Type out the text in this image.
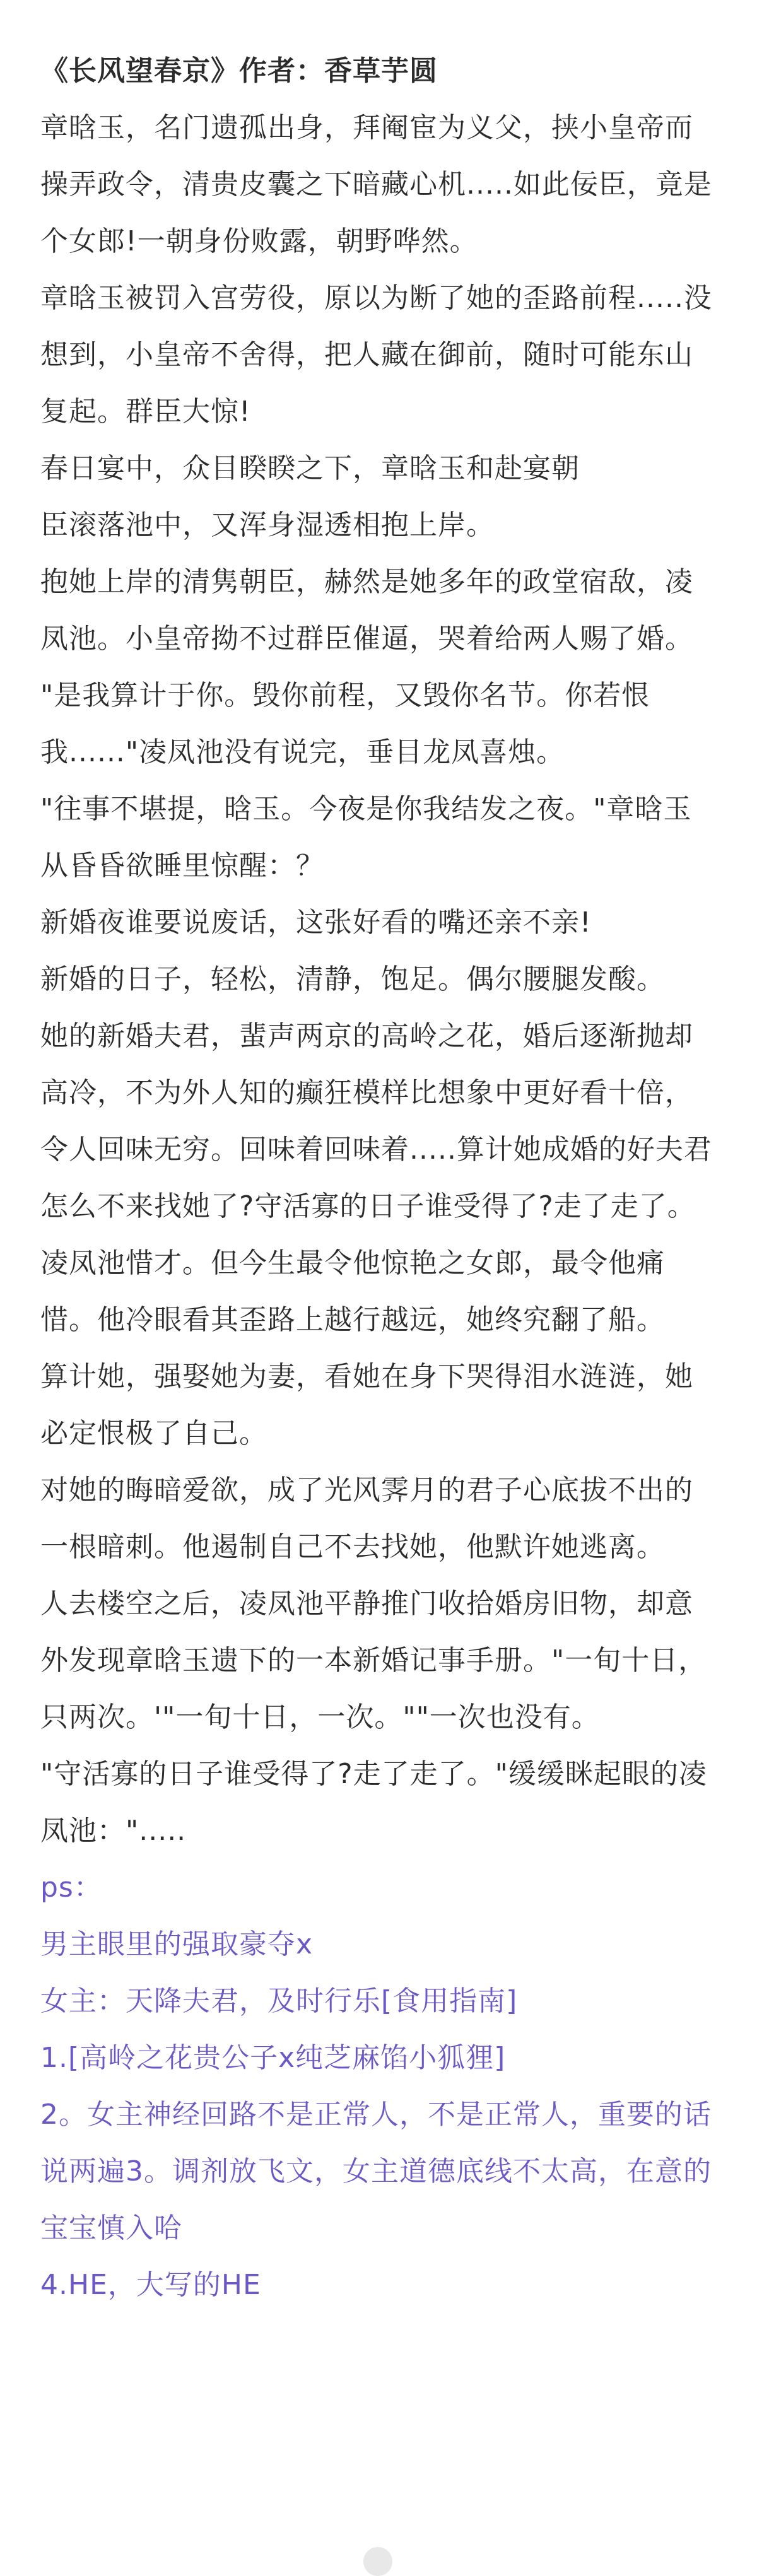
《长风望春京》作者：香草芋圆

章晗玉，名门遗孤出身，拜阉宦为义父，挟小皇帝而操弄政令，清贵皮囊之下暗藏心机.....如此佞臣，竟是个女郎!一朝身份败露，朝野哗然。

章晗玉被罚入宫劳役，原以为断了她的歪路前程.....没想到，小皇帝不舍得，把人藏在御前，随时可能东山复起。群臣大惊!

春日宴中，众目睽睽之下，章晗玉和赴宴朝

臣滚落池中，又浑身湿透相抱上岸。

抱她上岸的清隽朝臣，赫然是她多年的政堂宿敌，凌凤池。小皇帝拗不过群臣催逼，哭着给两人赐了婚。

"是我算计于你。毁你前程，又毁你名节。你若恨我......"凌凤池没有说完，垂目龙凤喜烛。

"往事不堪提，晗玉。今夜是你我结发之夜。"章晗玉从昏昏欲睡里惊醒：？

新婚夜谁要说废话，这张好看的嘴还亲不亲!

新婚的日子，轻松，清静，饱足。偶尔腰腿发酸。

她的新婚夫君，蜚声两京的高岭之花，婚后逐渐抛却高冷，不为外人知的癫狂模样比想象中更好看十倍，令人回味无穷。回味着回味着.....算计她成婚的好夫君怎么不来找她了?守活寡的日子谁受得了?走了走了。

凌凤池惜才。但今生最令他惊艳之女郎，最令他痛惜。他冷眼看其歪路上越行越远，她终究翻了船。

算计她，强娶她为妻，看她在身下哭得泪水涟涟，她必定恨极了自己。

对她的晦暗爱欲，成了光风霁月的君子心底拔不出的一根暗刺。他遏制自己不去找她，他默许她逃离。

人去楼空之后，凌凤池平静推门收拾婚房旧物，却意外发现章晗玉遗下的一本新婚记事手册。"一旬十日，只两次。'"一旬十日，一次。""一次也没有。

"守活寡的日子谁受得了?走了走了。"缓缓眯起眼的凌凤池：".....

ps：

男主眼里的强取豪夺x

女主：天降夫君，及时行乐[食用指南]

1.[高岭之花贵公子x纯芝麻馅小狐狸]

2。女主神经回路不是正常人，不是正常人，重要的话说两遍3。调剂放飞文，女主道德底线不太高，在意的宝宝慎入哈

4.HE，大写的HE
